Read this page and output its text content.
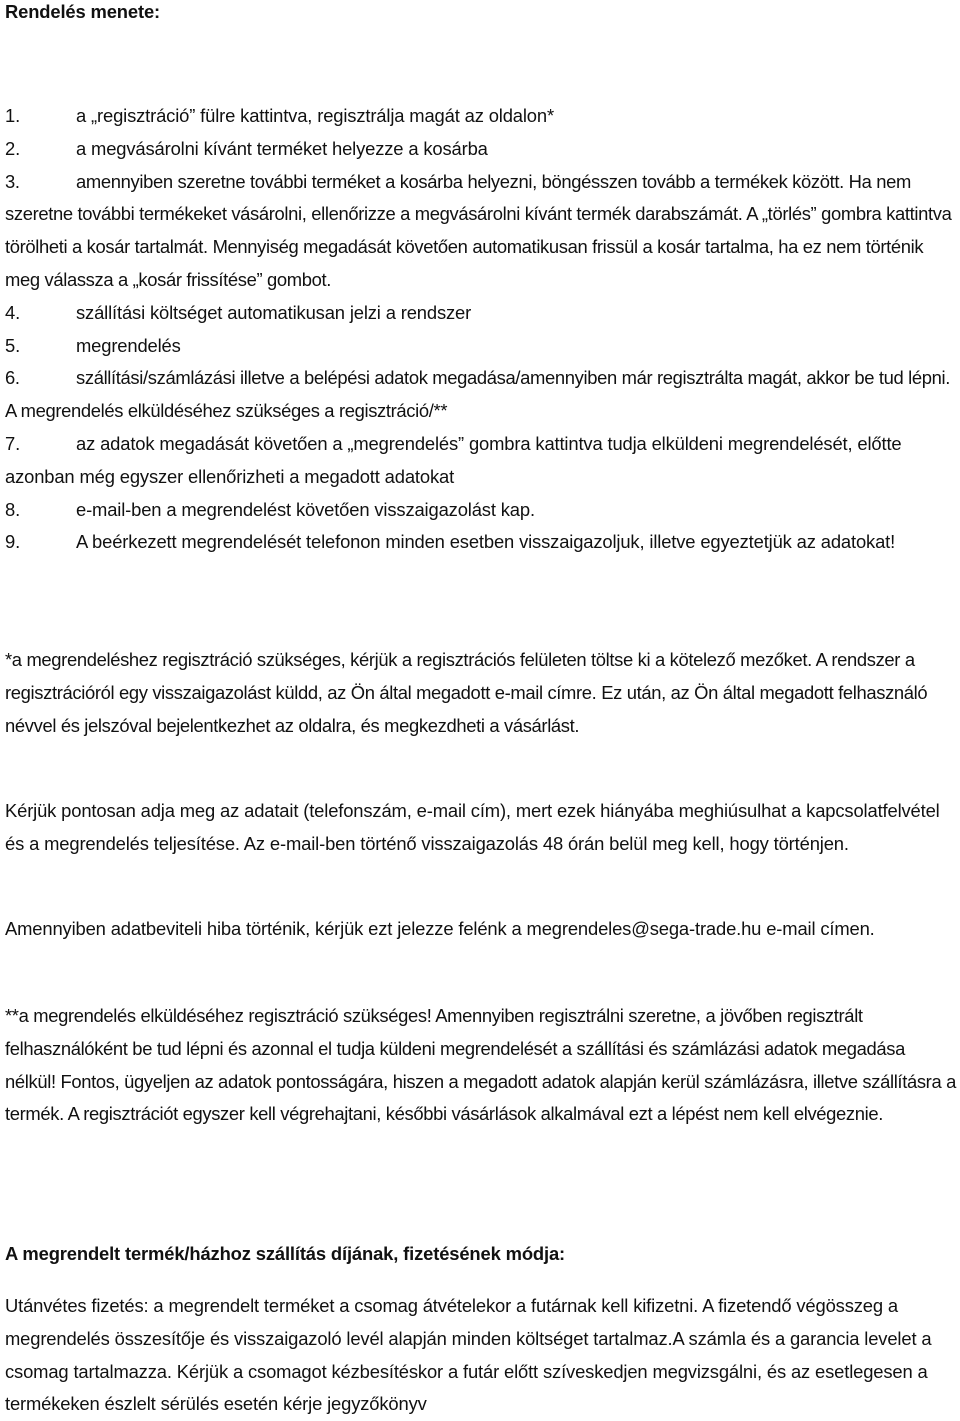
Rendelés menete:

1.	a „regisztráció” fülre kattintva, regisztrálja magát az oldalon*
2.	a megvásárolni kívánt terméket helyezze a kosárba
3.	amennyiben szeretne további terméket a kosárba helyezni, böngésszen tovább a termékek között. Ha nem szeretne további termékeket vásárolni, ellenőrizze a megvásárolni kívánt termék darabszámát. A „törlés” gombra kattintva törölheti a kosár tartalmát. Mennyiség megadását követően automatikusan frissül a kosár tartalma, ha ez nem történik meg válassza a „kosár frissítése” gombot.
4.	szállítási költséget automatikusan jelzi a rendszer
5.	megrendelés
6.	szállítási/számlázási illetve a belépési adatok megadása/amennyiben már regisztrálta magát, akkor be tud lépni. A megrendelés elküldéséhez szükséges a regisztráció/**
7.	az adatok megadását követően a „megrendelés” gombra kattintva tudja elküldeni megrendelését, előtte azonban még egyszer ellenőrizheti a megadott adatokat
8.	e-mail-ben a megrendelést követően visszaigazolást kap.
9.	A beérkezett megrendelését telefonon minden esetben visszaigazoljuk, illetve egyeztetjük az adatokat!

*a megrendeléshez regisztráció szükséges, kérjük a regisztrációs felületen töltse ki a kötelező mezőket. A rendszer a regisztrációról egy visszaigazolást küldd, az Ön által megadott e-mail címre. Ez után, az Ön által megadott felhasználó névvel és jelszóval bejelentkezhet az oldalra, és megkezdheti a vásárlást.

Kérjük pontosan adja meg az adatait (telefonszám, e-mail cím), mert ezek hiányába meghiúsulhat a kapcsolatfelvétel és a megrendelés teljesítése. Az e-mail-ben történő visszaigazolás 48 órán belül meg kell, hogy történjen.

Amennyiben adatbeviteli hiba történik, kérjük ezt jelezze felénk a megrendeles@sega-trade.hu e-mail címen.

**a megrendelés elküldéséhez regisztráció szükséges! Amennyiben regisztrálni szeretne, a jövőben regisztrált felhasználóként be tud lépni és azonnal el tudja küldeni megrendelését a szállítási és számlázási adatok megadása nélkül! Fontos, ügyeljen az adatok pontosságára, hiszen a megadott adatok alapján kerül számlázásra, illetve szállításra a termék. A regisztrációt egyszer kell végrehajtani, későbbi vásárlások alkalmával ezt a lépést nem kell elvégeznie.

A megrendelt termék/házhoz szállítás díjának, fizetésének módja:

Utánvétes fizetés: a megrendelt terméket a csomag átvételekor a futárnak kell kifizetni. A fizetendő végösszeg a megrendelés összesítője és visszaigazoló levél alapján minden költséget tartalmaz.A számla és a garancia levelet a csomag tartalmazza. Kérjük a csomagot kézbesítéskor a futár előtt szíveskedjen megvizsgálni, és az esetlegesen a termékeken észlelt sérülés esetén kérje jegyzőkönyv
